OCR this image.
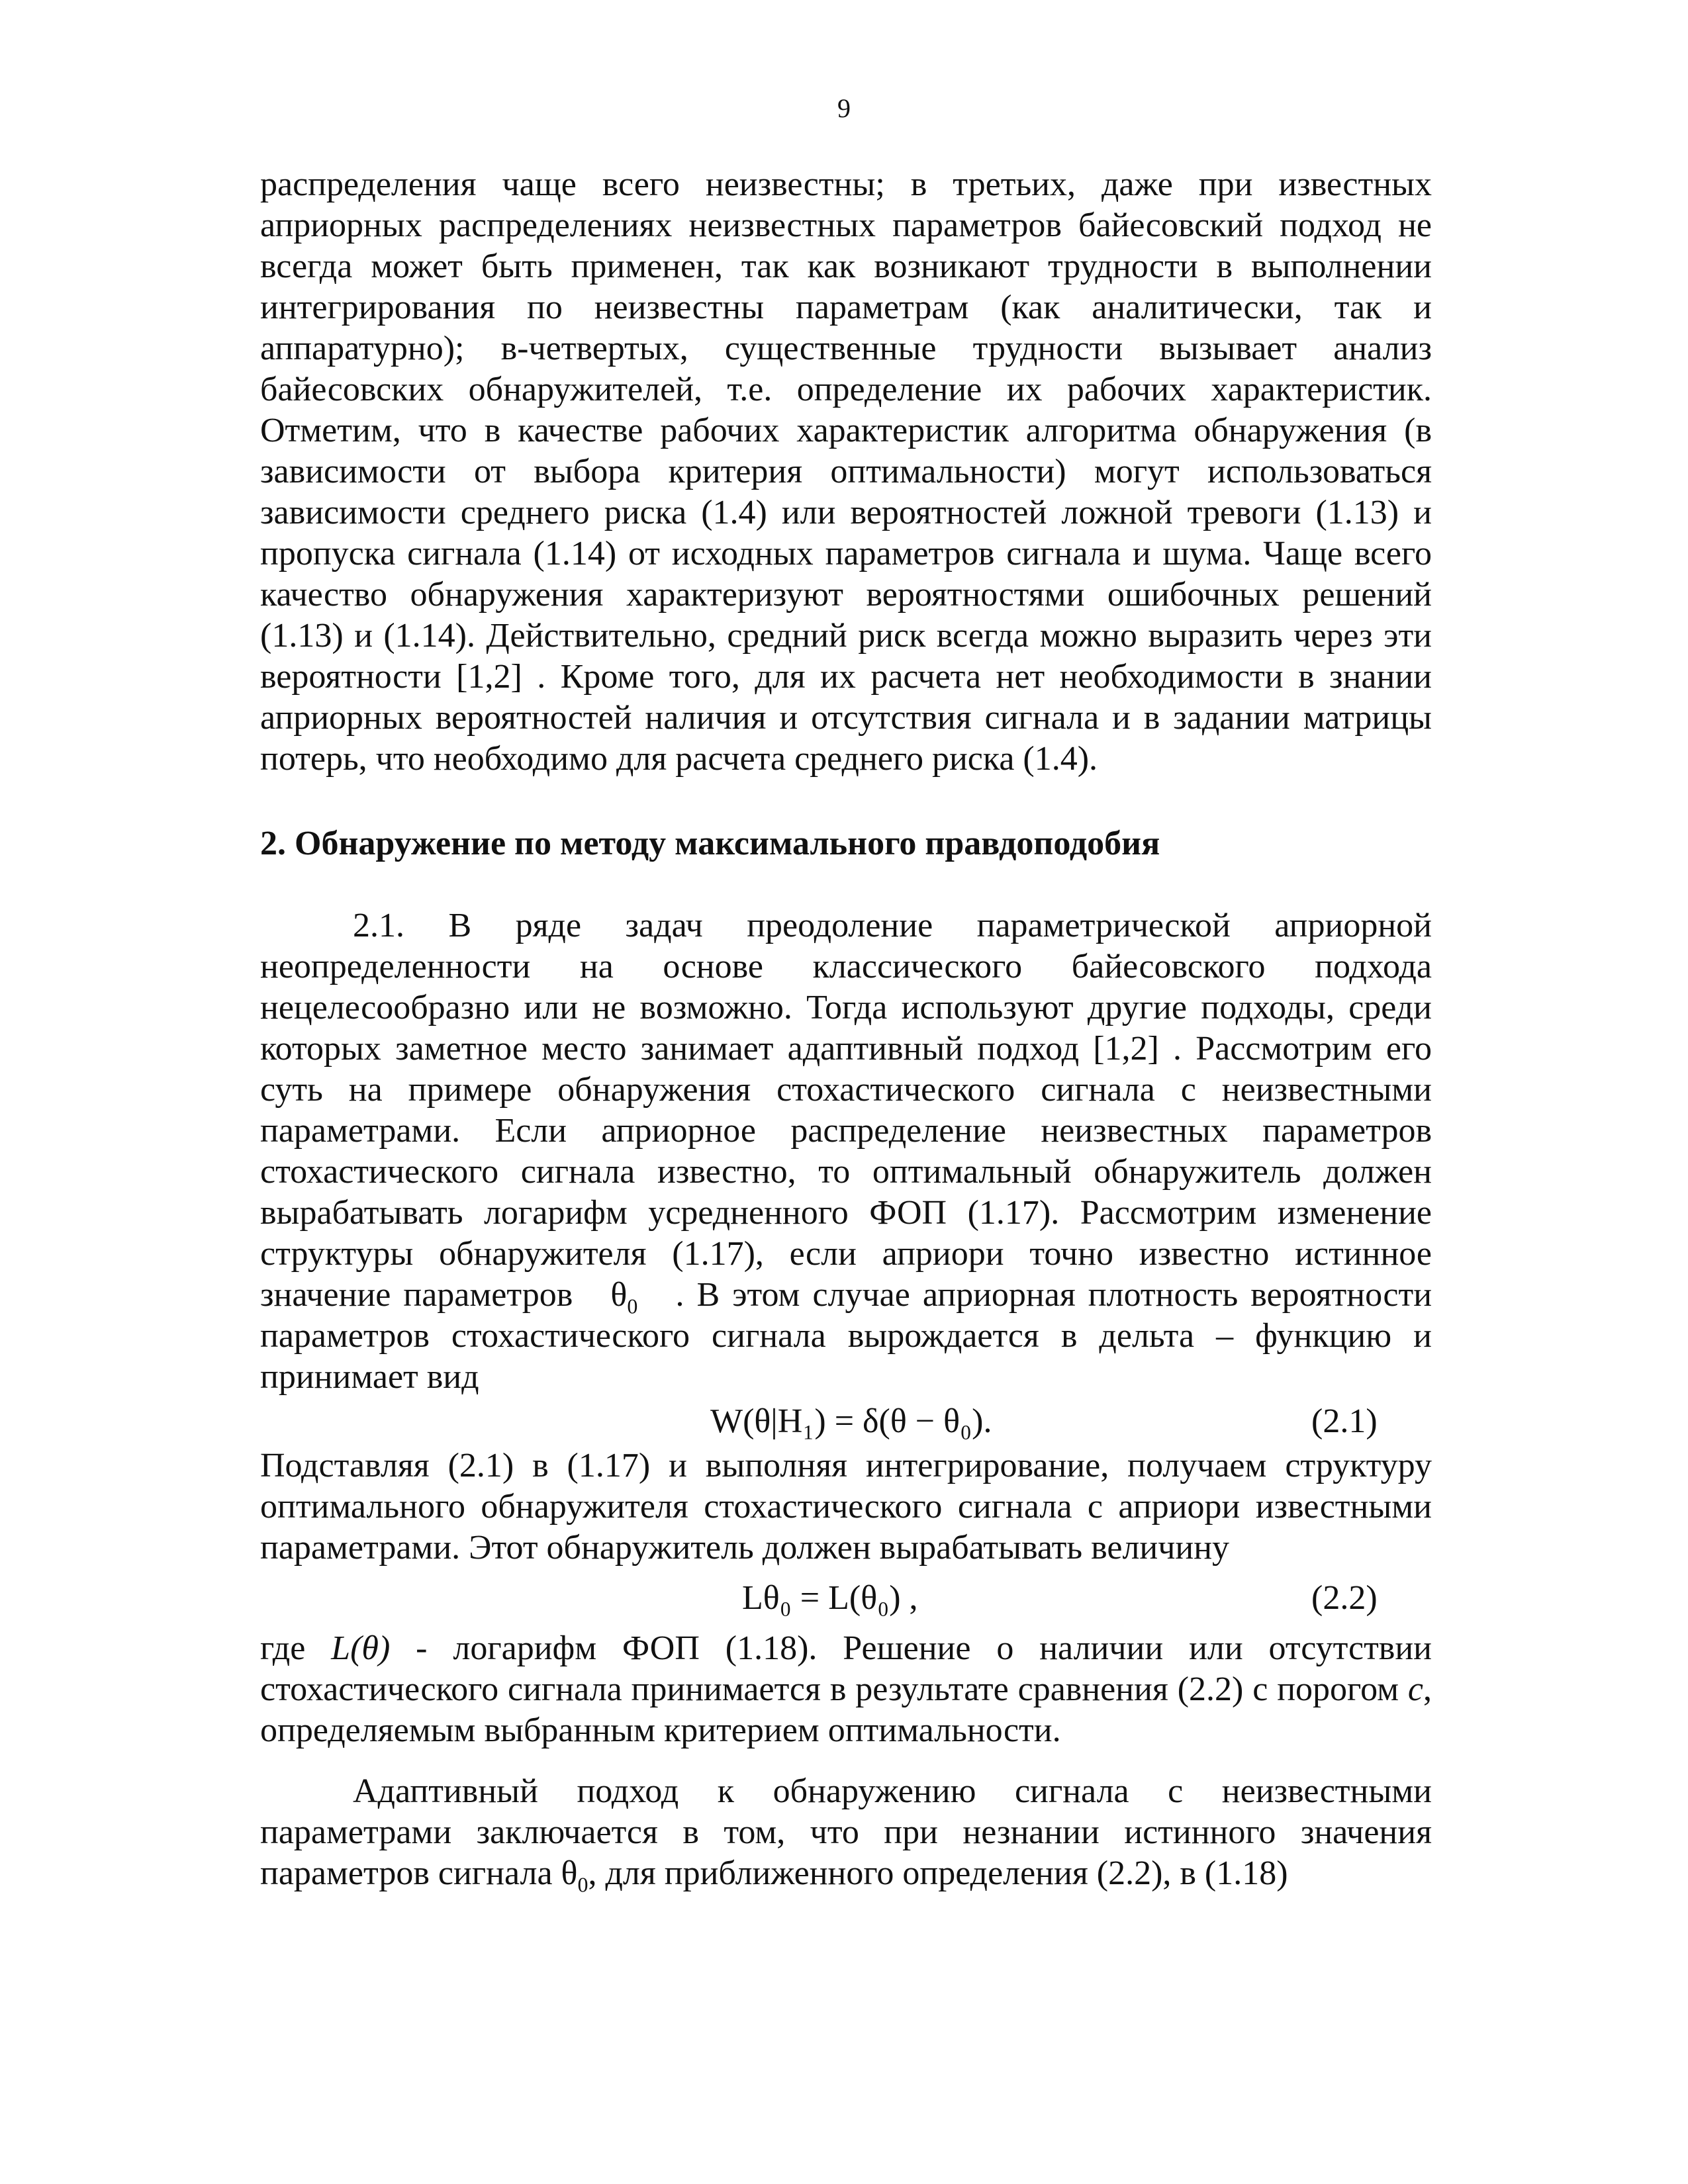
9

распределения чаще всего неизвестны; в третьих, даже при известных априорных распределениях неизвестных параметров байесовский подход не всегда может быть применен, так как возникают трудности в выполнении интегрирования по неизвестны параметрам (как аналитически, так и аппаратурно); в-четвертых, существенные трудности вызывает анализ байесовских обнаружителей, т.е. определение их рабочих характеристик. Отметим, что в качестве рабочих характеристик алгоритма обнаружения (в зависимости от выбора критерия оптимальности) могут использоваться зависимости среднего риска (1.4) или вероятностей ложной тревоги (1.13) и пропуска сигнала (1.14) от исходных параметров сигнала и шума. Чаще всего качество обнаружения характеризуют вероятностями ошибочных решений (1.13) и (1.14). Действительно, средний риск всегда можно выразить через эти вероятности [1,2] . Кроме того, для их расчета нет необходимости в знании априорных вероятностей наличия и отсутствия сигнала и в задании матрицы потерь, что необходимо для расчета среднего риска (1.4).

2. Обнаружение по методу максимального правдоподобия

2.1. В ряде задач преодоление параметрической априорной неопределенности на основе классического байесовского подхода нецелесообразно или не возможно. Тогда используют другие подходы, среди которых заметное место занимает адаптивный подход [1,2] . Рассмотрим его суть на примере обнаружения стохастического сигнала с неизвестными параметрами. Если априорное распределение неизвестных параметров стохастического сигнала известно, то оптимальный обнаружитель должен вырабатывать логарифм усредненного ФОП (1.17). Рассмотрим изменение структуры обнаружителя (1.17), если априори точно известно истинное значение параметров $\theta_0$ . В этом случае априорная плотность вероятности параметров стохастического сигнала вырождается в дельта – функцию и принимает вид

W(θ|H₁) = δ(θ − θ₀).	(2.1)

Подставляя (2.1) в (1.17) и выполняя интегрирование, получаем структуру оптимального обнаружителя стохастического сигнала с априори известными параметрами. Этот обнаружитель должен вырабатывать величину

Lθ₀ = L(θ₀) ,	(2.2)

где L(θ) - логарифм ФОП (1.18). Решение о наличии или отсутствии стохастического сигнала принимается в результате сравнения (2.2) с порогом c, определяемым выбранным критерием оптимальности.

Адаптивный подход к обнаружению сигнала с неизвестными параметрами заключается в том, что при незнании истинного значения параметров сигнала $\theta_0$, для приближенного определения (2.2), в (1.18)
